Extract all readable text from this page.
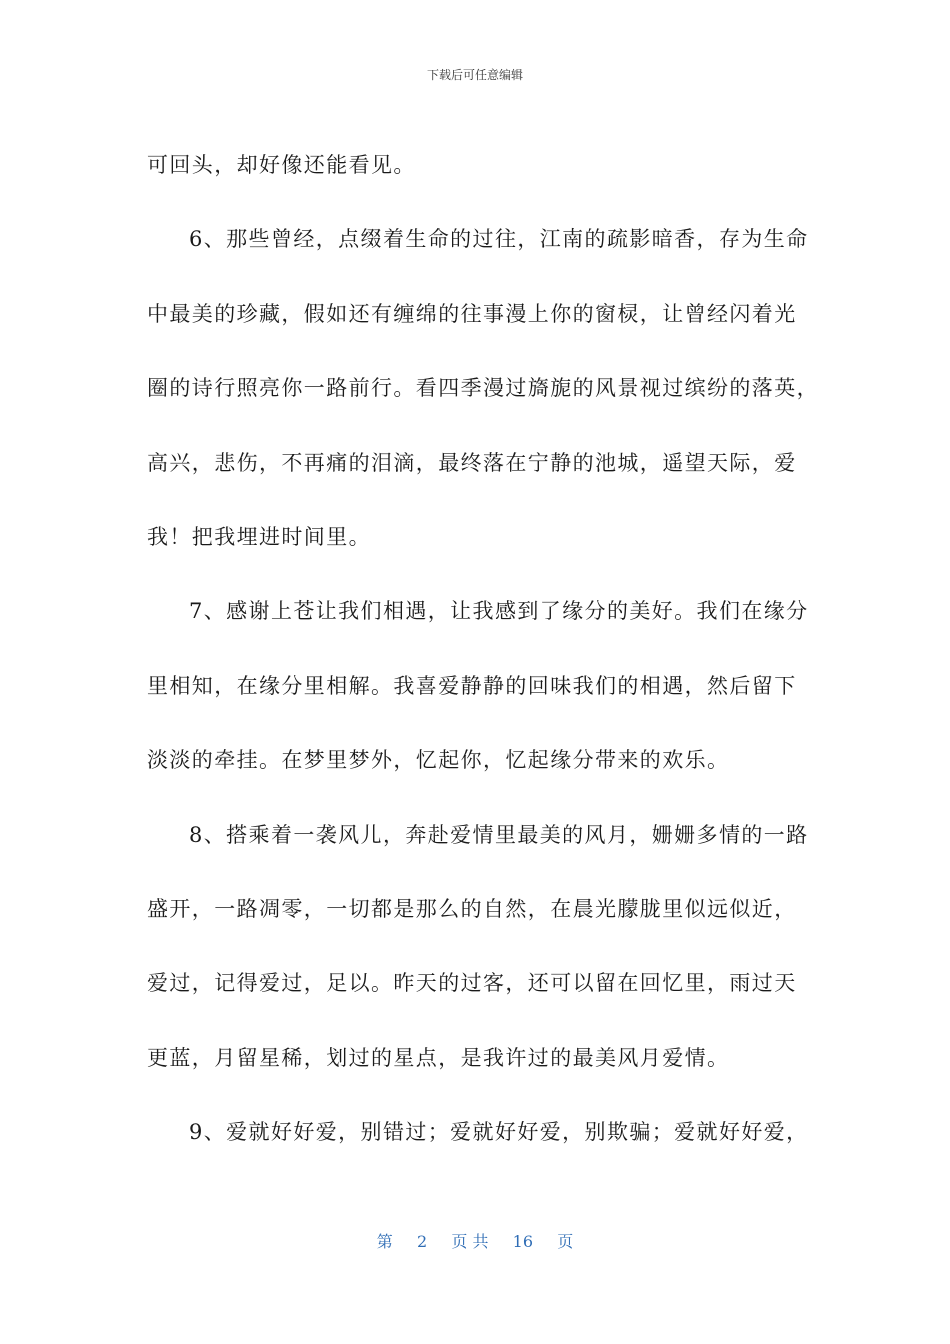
下载后可任意编辑
可回头，却好像还能看见。
6、那些曾经，点缀着生命的过往，江南的疏影暗香，存为生命
中最美的珍藏，假如还有缠绵的往事漫上你的窗棂，让曾经闪着光
圈的诗行照亮你一路前行。看四季漫过旖旎的风景视过缤纷的落英，
高兴，悲伤，不再痛的泪滴，最终落在宁静的池城，遥望天际，爱
我！把我埋进时间里。
7、感谢上苍让我们相遇，让我感到了缘分的美好。我们在缘分
里相知，在缘分里相解。我喜爱静静的回味我们的相遇，然后留下
淡淡的牵挂。在梦里梦外，忆起你，忆起缘分带来的欢乐。
8、搭乘着一袭风儿，奔赴爱情里最美的风月，姗姗多情的一路
盛开，一路凋零，一切都是那么的自然，在晨光朦胧里似远似近，
爱过，记得爱过，足以。昨天的过客，还可以留在回忆里，雨过天
更蓝，月留星稀，划过的星点，是我许过的最美风月爱情。
9、爱就好好爱，别错过；爱就好好爱，别欺骗；爱就好好爱，
第 2 页 共 16 页
